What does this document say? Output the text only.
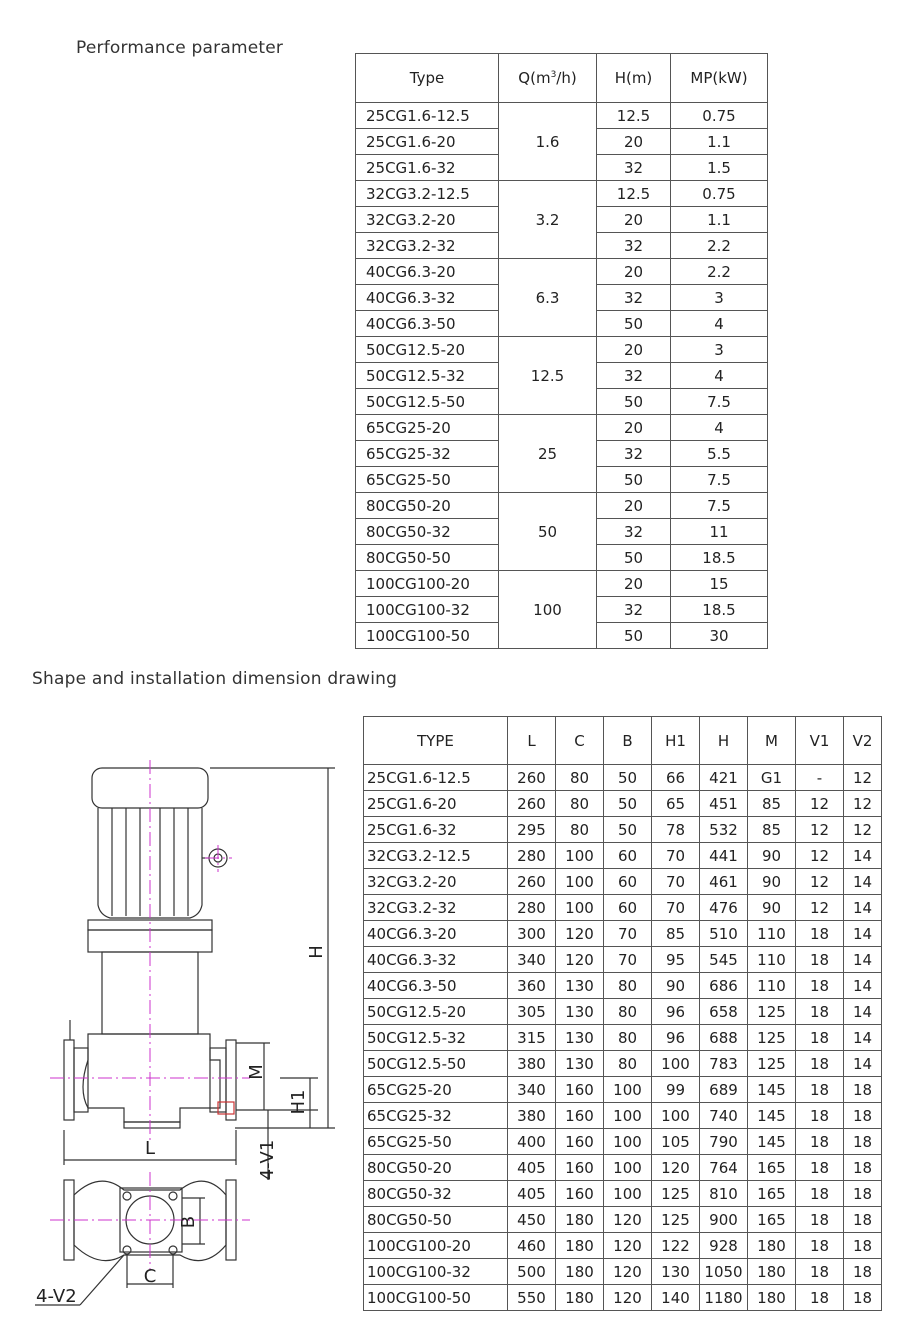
Performance parameter
Type	$Q(m^3/h)$	H(m)	MP(kW)
25CG1.6-12.5	1.6	12.5	0.75
25CG1.6-20		20	1.1
25CG1.6-32		32	1.5
32CG3.2-12.5	3.2	12.5	0.75
32CG3.2-20		20	1.1
32CG3.2-32		32	2.2
40CG6.3-20	6.3	20	2.2
40CG6.3-32		32	3
40CG6.3-50		50	4
50CG12.5-20	12.5	20	3
50CG12.5-32		32	4
50CG12.5-50		50	7.5
65CG25-20	25	20	4
65CG25-32		32	5.5
65CG25-50		50	7.5
80CG50-20	50	20	7.5
80CG50-32		32	11
80CG50-50		50	18.5
100CG100-20	100	20	15
100CG100-32		32	18.5
100CG100-50		50	30
Shape and installation dimension drawing
TYPE	L	C	B	H1	H	M	V1	V2
25CG1.6-12.5	260	80	50	66	421	G1	-	12
25CG1.6-20	260	80	50	65	451	85	12	12
25CG1.6-32	295	80	50	78	532	85	12	12
32CG3.2-12.5	280	100	60	70	441	90	12	14
32CG3.2-20	260	100	60	70	461	90	12	14
32CG3.2-32	280	100	60	70	476	90	12	14
40CG6.3-20	300	120	70	85	510	110	18	14
40CG6.3-32	340	120	70	95	545	110	18	14
40CG6.3-50	360	130	80	90	686	110	18	14
50CG12.5-20	305	130	80	96	658	125	18	14
50CG12.5-32	315	130	80	96	688	125	18	14
50CG12.5-50	380	130	80	100	783	125	18	14
65CG25-20	340	160	100	99	689	145	18	18
65CG25-32	380	160	100	100	740	145	18	18
65CG25-50	400	160	100	105	790	145	18	18
80CG50-20	405	160	100	120	764	165	18	18
80CG50-32	405	160	100	125	810	165	18	18
80CG50-50	450	180	120	125	900	165	18	18
100CG100-20	460	180	120	122	928	180	18	18
100CG100-32	500	180	120	130	1050	180	18	18
100CG100-50	550	180	120	140	1180	180	18	18
H
M
H1
L	4-V1
B
C
4-V2
